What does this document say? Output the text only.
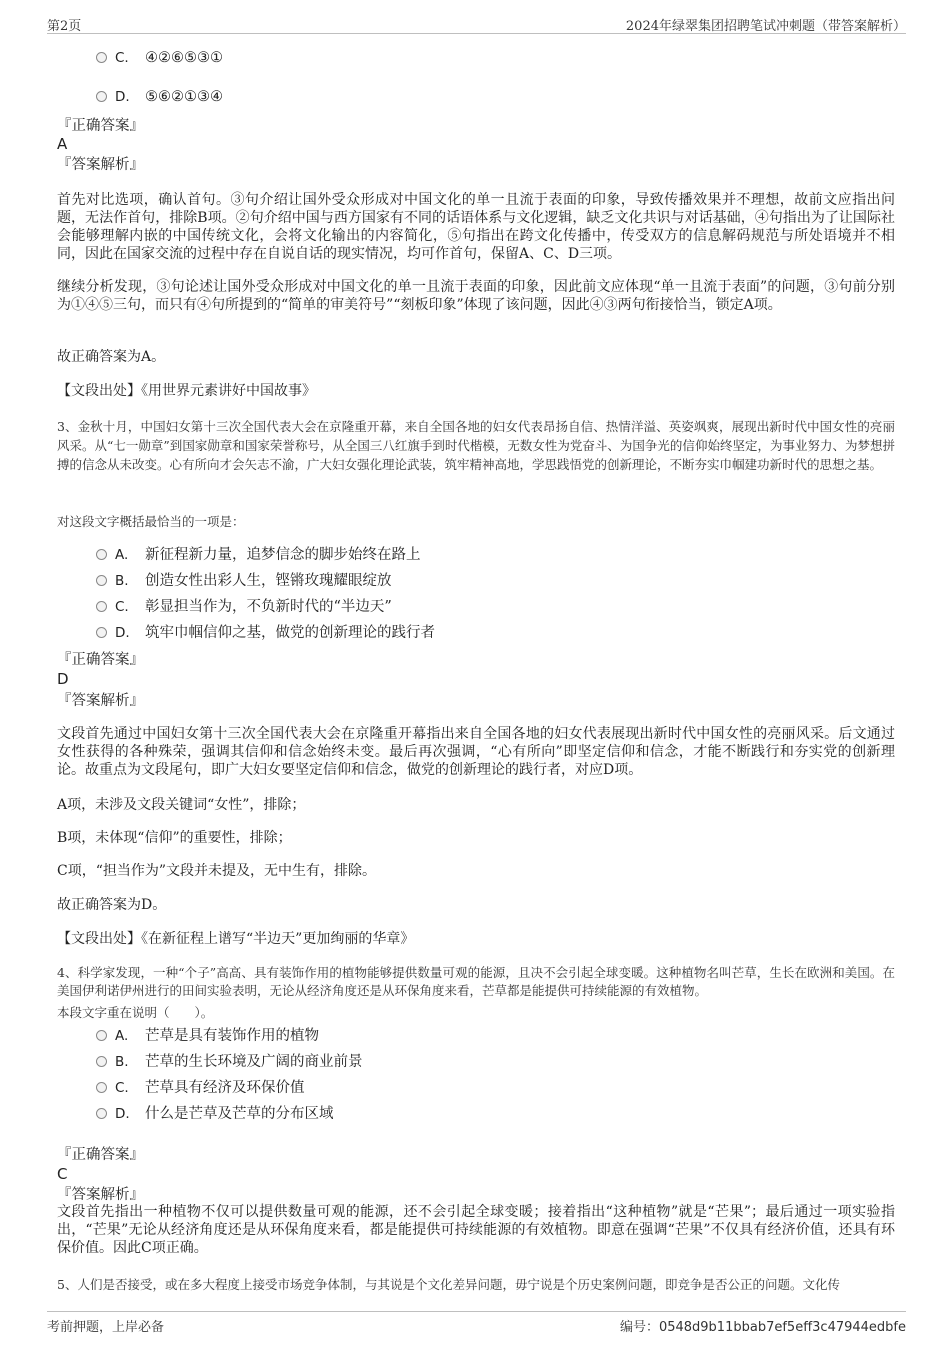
第2页	2024年绿翠集团招聘笔试冲刺题（带答案解析）
C. ④②⑥⑤③①
D. ⑤⑥②①③④
『正确答案』
A
『答案解析』

首先对比选项，确认首句。③句介绍让国外受众形成对中国文化的单一且流于表面的印象，导致传播效果并不理想，故前文应指出问题，无法作首句，排除B项。②句介绍中国与西方国家有不同的话语体系与文化逻辑，缺乏文化共识与对话基础，④句指出为了让国际社会能够理解内嵌的中国传统文化，会将文化输出的内容简化，⑤句指出在跨文化传播中，传受双方的信息解码规范与所处语境并不相同，因此在国家交流的过程中存在自说自话的现实情况，均可作首句，保留A、C、D三项。

继续分析发现，③句论述让国外受众形成对中国文化的单一且流于表面的印象，因此前文应体现“单一且流于表面”的问题，③句前分别为①④⑤三句，而只有④句所提到的“简单的审美符号”“刻板印象”体现了该问题，因此④③两句衔接恰当，锁定A项。

故正确答案为A。
【文段出处】《用世界元素讲好中国故事》

3、金秋十月，中国妇女第十三次全国代表大会在京隆重开幕，来自全国各地的妇女代表昂扬自信、热情洋溢、英姿飒爽，展现出新时代中国女性的亮丽风采。从“七一勋章”到国家勋章和国家荣誉称号，从全国三八红旗手到时代楷模，无数女性为党奋斗、为国争光的信仰始终坚定，为事业努力、为梦想拼搏的信念从未改变。心有所向才会矢志不渝，广大妇女强化理论武装，筑牢精神高地，学思践悟党的创新理论，不断夯实巾帼建功新时代的思想之基。

对这段文字概括最恰当的一项是：

A. 新征程新力量，追梦信念的脚步始终在路上
B. 创造女性出彩人生，铿锵玫瑰耀眼绽放
C. 彰显担当作为，不负新时代的“半边天”
D. 筑牢巾帼信仰之基，做党的创新理论的践行者
『正确答案』
D
『答案解析』

文段首先通过中国妇女第十三次全国代表大会在京隆重开幕指出来自全国各地的妇女代表展现出新时代中国女性的亮丽风采。后文通过女性获得的各种殊荣，强调其信仰和信念始终未变。最后再次强调，“心有所向”即坚定信仰和信念，才能不断践行和夯实党的创新理论。故重点为文段尾句，即广大妇女要坚定信仰和信念，做党的创新理论的践行者，对应D项。

A项，未涉及文段关键词“女性”，排除；
B项，未体现“信仰”的重要性，排除；
C项，“担当作为”文段并未提及，无中生有，排除。
故正确答案为D。
【文段出处】《在新征程上谱写“半边天”更加绚丽的华章》

4、科学家发现，一种“个子”高高、具有装饰作用的植物能够提供数量可观的能源，且决不会引起全球变暖。这种植物名叫芒草，生长在欧洲和美国。在美国伊利诺伊州进行的田间实验表明，无论从经济角度还是从环保角度来看，芒草都是能提供可持续能源的有效植物。

本段文字重在说明（　　）。

A. 芒草是具有装饰作用的植物
B. 芒草的生长环境及广阔的商业前景
C. 芒草具有经济及环保价值
D. 什么是芒草及芒草的分布区域
『正确答案』
C
『答案解析』

文段首先指出一种植物不仅可以提供数量可观的能源，还不会引起全球变暖；接着指出“这种植物”就是“芒果”；最后通过一项实验指出，“芒果”无论从经济角度还是从环保角度来看，都是能提供可持续能源的有效植物。即意在强调“芒果”不仅具有经济价值，还具有环保价值。因此C项正确。

5、人们是否接受，或在多大程度上接受市场竞争体制，与其说是个文化差异问题，毋宁说是个历史案例问题，即竞争是否公正的问题。文化传

考前押题，上岸必备	编号：0548d9b11bbab7ef5eff3c47944edbfe
